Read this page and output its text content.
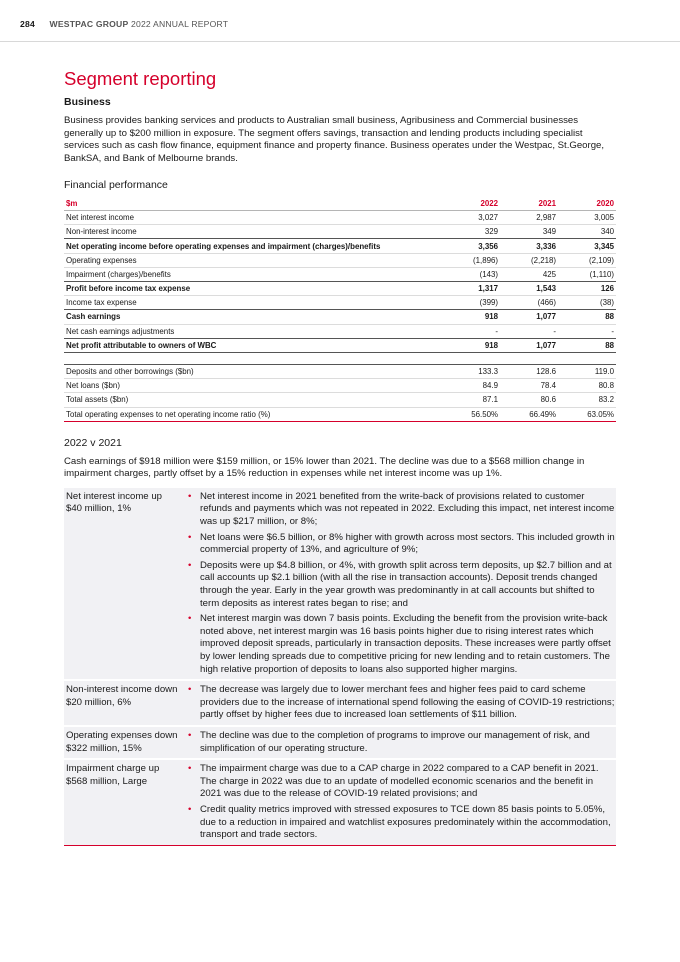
284 WESTPAC GROUP 2022 ANNUAL REPORT
Segment reporting
Business

Business provides banking services and products to Australian small business, Agribusiness and Commercial businesses generally up to $200 million in exposure. The segment offers savings, transaction and lending products including specialist services such as cash flow finance, equipment finance and property finance. Business operates under the Westpac, St.George, BankSA, and Bank of Melbourne brands.

Financial performance
$m	2022	2021	2020
Net interest income	3,027	2,987	3,005
Non-interest income	329	349	340
Net operating income before operating expenses and impairment (charges)/benefits	3,356	3,336	3,345
Operating expenses	(1,896)	(2,218)	(2,109)
Impairment (charges)/benefits	(143)	425	(1,110)
Profit before income tax expense	1,317	1,543	126
Income tax expense	(399)	(466)	(38)
Cash earnings	918	1,077	88
Net cash earnings adjustments	-	-	-
Net profit attributable to owners of WBC	918	1,077	88

Deposits and other borrowings ($bn)	133.3	128.6	119.0
Net loans ($bn)	84.9	78.4	80.8
Total assets ($bn)	87.1	80.6	83.2
Total operating expenses to net operating income ratio (%)	56.50%	66.49%	63.05%
2022 v 2021

Cash earnings of $918 million were $159 million, or 15% lower than 2021. The decline was due to a $568 million change in impairment charges, partly offset by a 15% reduction in expenses while net interest income was up 1%.

Net interest income up
$40 million, 1%
• Net interest income in 2021 benefited from the write-back of provisions related to customer refunds and payments which was not repeated in 2022. Excluding this impact, net interest income was up $217 million, or 8%;
• Net loans were $6.5 billion, or 8% higher with growth across most sectors. This included growth in commercial property of 13%, and agriculture of 9%;
• Deposits were up $4.8 billion, or 4%, with growth split across term deposits, up $2.7 billion and at call accounts up $2.1 billion (with all the rise in transaction accounts). Deposit trends changed through the year. Early in the year growth was predominantly in at call accounts but shifted to term deposits as interest rates began to rise; and
• Net interest margin was down 7 basis points. Excluding the benefit from the provision write-back noted above, net interest margin was 16 basis points higher due to rising interest rates which improved deposit spreads, particularly in transaction deposits. These increases were partly offset by lower lending spreads due to competitive pricing for new lending and to retain customers. The high relative proportion of deposits to loans also supported higher margins.
Non-interest income down
$20 million, 6%
• The decrease was largely due to lower merchant fees and higher fees paid to card scheme providers due to the increase of international spend following the easing of COVID-19 restrictions; partly offset by higher fees due to increased loan settlements of $11 billion.
Operating expenses down
$322 million, 15%
• The decline was due to the completion of programs to improve our management of risk, and simplification of our operating structure.
Impairment charge up
$568 million, Large
• The impairment charge was due to a CAP charge in 2022 compared to a CAP benefit in 2021. The charge in 2022 was due to an update of modelled economic scenarios and the benefit in 2021 was due to the release of COVID-19 related provisions; and
• Credit quality metrics improved with stressed exposures to TCE down 85 basis points to 5.05%, due to a reduction in impaired and watchlist exposures predominately within the accommodation, transport and trade sectors.
